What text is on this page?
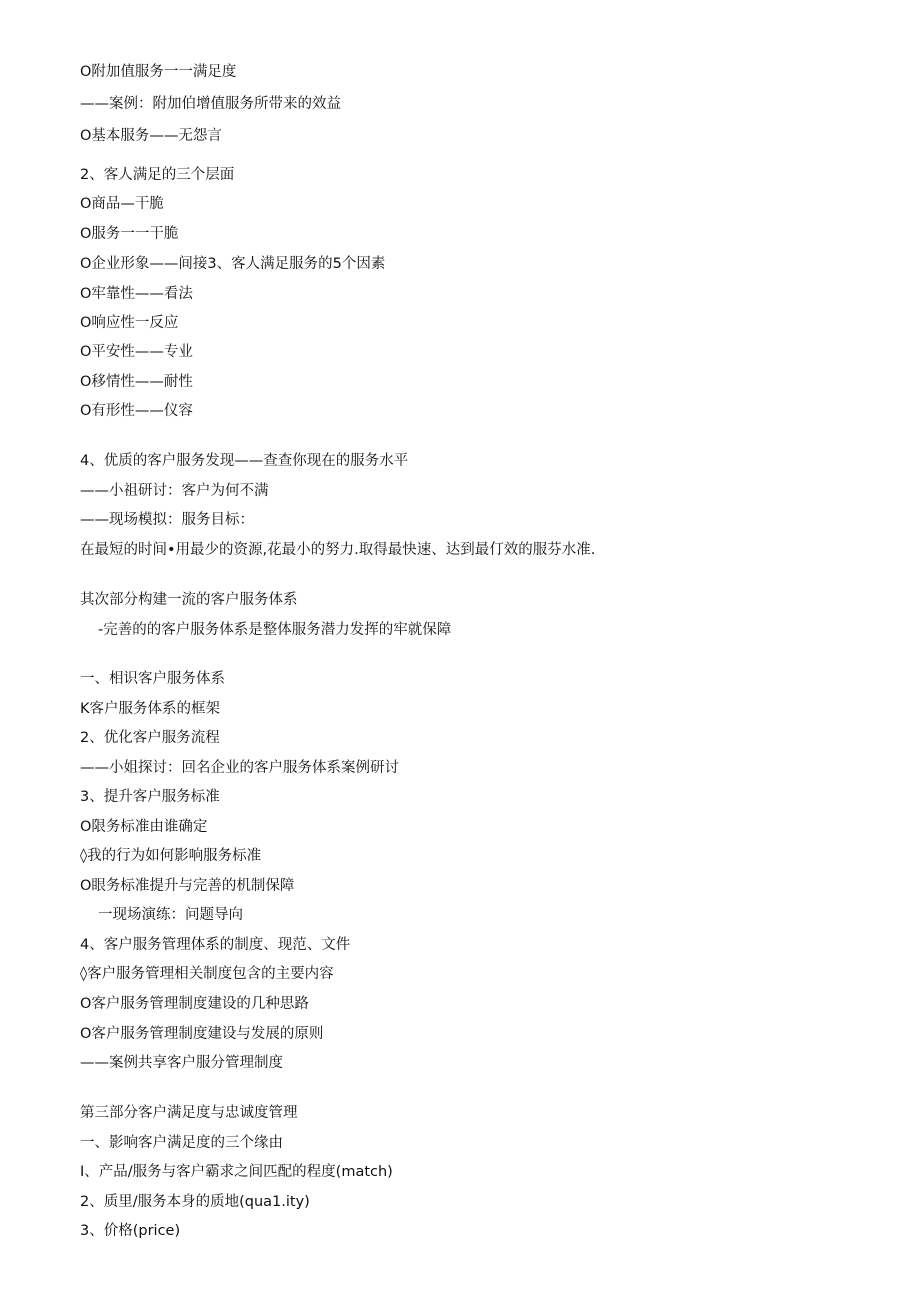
O附加值服务一一满足度
——案例：附加伯增值服务所带来的效益
O基本服务——无怨言
2、客人满足的三个层面
O商品—干脆
O服务一一干脆
O企业形象——间接3、客人满足服务的5个因素
O牢靠性——看法
O响应性一反应
O平安性——专业
O移情性——耐性
O有形性——仪容
4、优质的客户服务发现——查查你现在的服务水平
——小祖研讨：客户为何不满
——现场模拟：服务目标：
在最短的时间•用最少的资源,花最小的努力.取得最快速、达到最仃效的服芬水准.
其次部分构建一流的客户服务体系
-完善的的客户服务体系是整体服务潜力发挥的牢就保障
一、相识客户服务体系
K客户服务体系的框架
2、优化客户服务流程
——小姐探讨：回名企业的客户服务体系案例研讨
3、提升客户服务标准
O限务标准由谁确定
◊我的行为如何影响服务标准
O眼务标准提升与完善的机制保障
一现场演练：问题导向
4、客户服务管理体系的制度、现范、文件
◊客户服务管理相关制度包含的主要内容
O客户服务管理制度建设的几种思路
O客户服务管理制度建设与发展的原则
——案例共享客户服分管理制度
第三部分客户满足度与忠诚度管理
一、影响客户满足度的三个缘由
I、产品/服务与客户霸求之间匹配的程度(match)
2、质里/服务本身的质地(qua1.ity)
3、价格(price)
